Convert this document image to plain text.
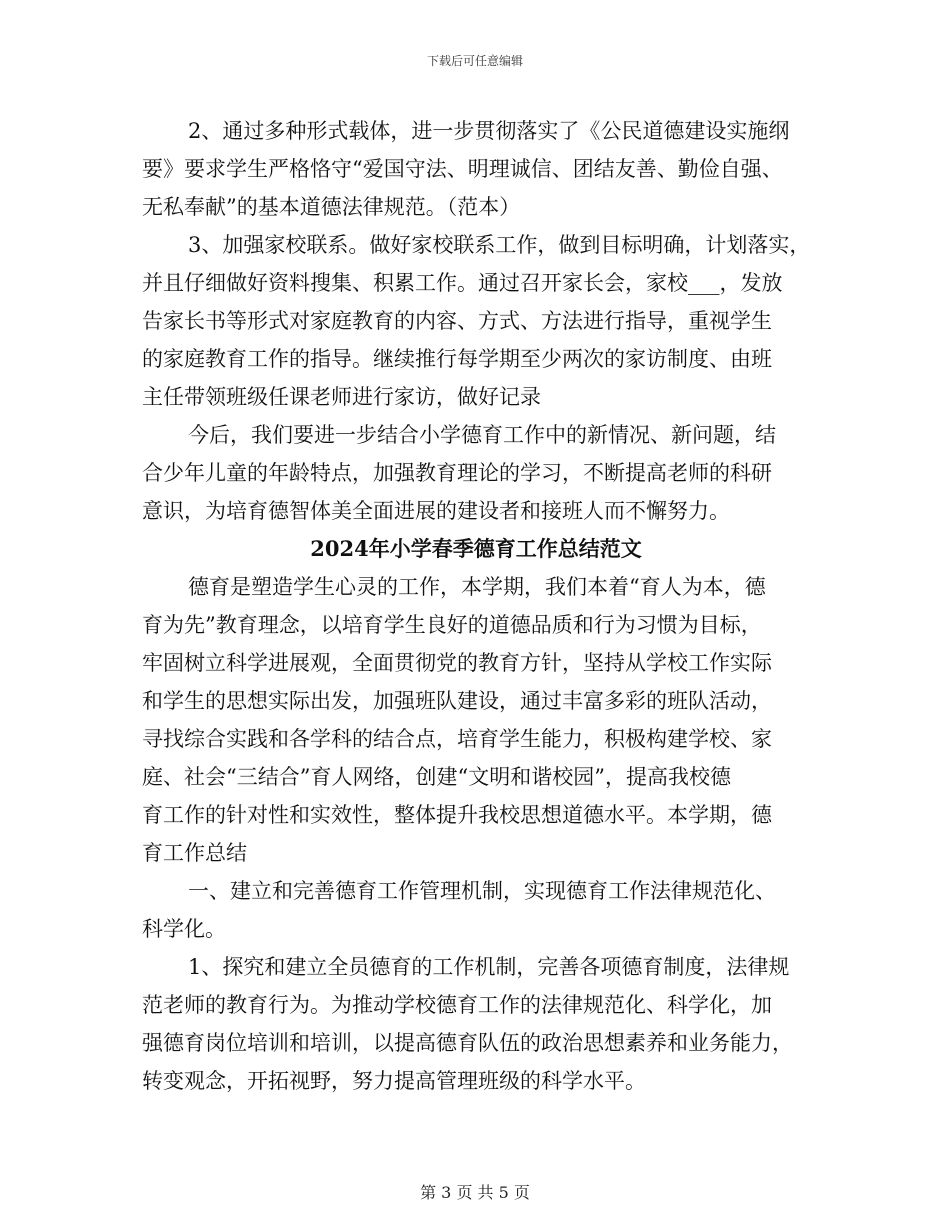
下载后可任意编辑

2、通过多种形式载体，进一步贯彻落实了《公民道德建设实施纲
要》要求学生严格恪守“爱国守法、明理诚信、团结友善、勤俭自强、
无私奉献”的基本道德法律规范。（范本）

3、加强家校联系。做好家校联系工作，做到目标明确，计划落实，
并且仔细做好资料搜集、积累工作。通过召开家长会，家校___，发放
告家长书等形式对家庭教育的内容、方式、方法进行指导，重视学生
的家庭教育工作的指导。继续推行每学期至少两次的家访制度、由班
主任带领班级任课老师进行家访，做好记录

今后，我们要进一步结合小学德育工作中的新情况、新问题，结
合少年儿童的年龄特点，加强教育理论的学习，不断提高老师的科研
意识，为培育德智体美全面进展的建设者和接班人而不懈努力。

2024年小学春季德育工作总结范文

德育是塑造学生心灵的工作，本学期，我们本着“育人为本，德
育为先”教育理念，以培育学生良好的道德品质和行为习惯为目标，
牢固树立科学进展观，全面贯彻党的教育方针，坚持从学校工作实际
和学生的思想实际出发，加强班队建设，通过丰富多彩的班队活动，
寻找综合实践和各学科的结合点，培育学生能力，积极构建学校、家
庭、社会“三结合”育人网络，创建“文明和谐校园”，提高我校德
育工作的针对性和实效性，整体提升我校思想道德水平。本学期，德
育工作总结

一、建立和完善德育工作管理机制，实现德育工作法律规范化、
科学化。

1、探究和建立全员德育的工作机制，完善各项德育制度，法律规
范老师的教育行为。为推动学校德育工作的法律规范化、科学化，加
强德育岗位培训和培训，以提高德育队伍的政治思想素养和业务能力，
转变观念，开拓视野，努力提高管理班级的科学水平。

第 3 页 共 5 页
